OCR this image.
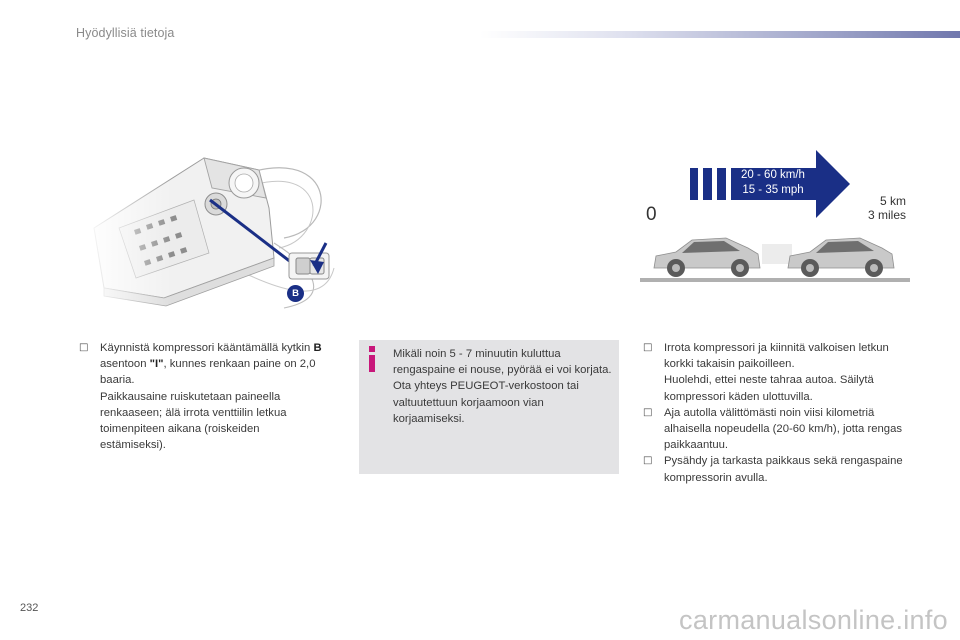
Hyödyllisiä tietoja
B
0
20 - 60 km/h
15 - 35 mph
5 km
3 miles
□ Käynnistä kompressori kääntämällä kytkin B asentoon "I", kunnes renkaan paine on 2,0 baaria.

Paikkausaine ruiskutetaan paineella renkaaseen; älä irrota venttiilin letkua toimenpiteen aikana (roiskeiden estämiseksi).

Mikäli noin 5 - 7 minuutin kuluttua rengaspaine ei nouse, pyörää ei voi korjata. Ota yhteys PEUGEOT-verkostoon tai valtuutettuun korjaamoon vian korjaamiseksi.

□ Irrota kompressori ja kiinnitä valkoisen letkun korkki takaisin paikoilleen.

Huolehdi, ettei neste tahraa autoa. Säilytä kompressori käden ulottuvilla.

□ Aja autolla välittömästi noin viisi kilometriä alhaisella nopeudella (20-60 km/h), jotta rengas paikkaantuu.

□ Pysähdy ja tarkasta paikkaus sekä rengaspaine kompressorin avulla.

232	carmanualsonline.info
